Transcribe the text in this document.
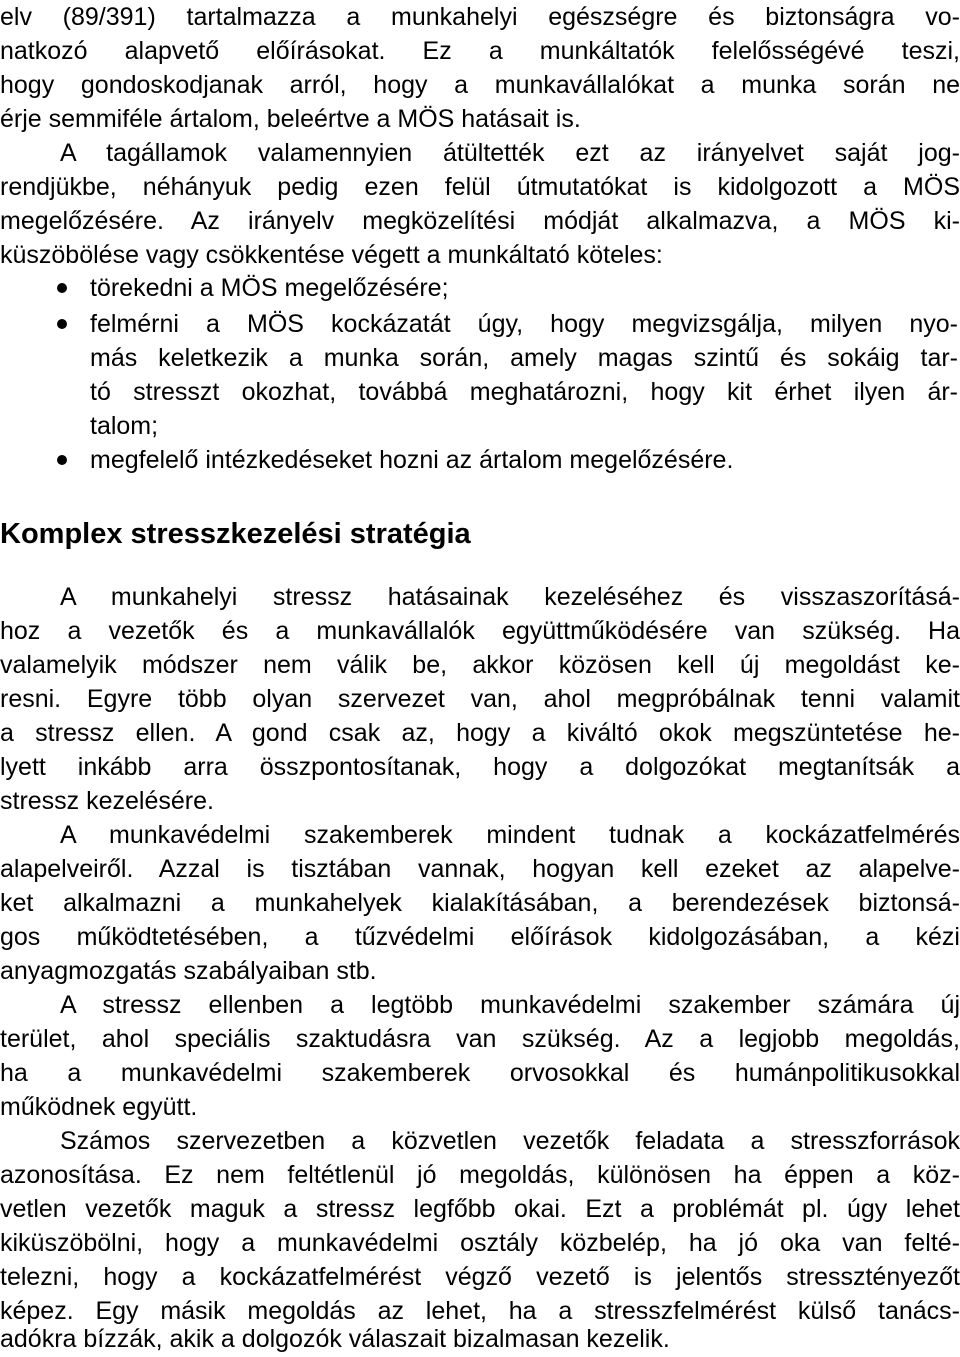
elv (89/391) tartalmazza a munkahelyi egészségre és biztonságra vo-
natkozó alapvető előírásokat. Ez a munkáltatók felelősségévé teszi,
hogy gondoskodjanak arról, hogy a munkavállalókat a munka során ne
érje semmiféle ártalom, beleértve a MÖS hatásait is.
A tagállamok valamennyien átültették ezt az irányelvet saját jog-
rendjükbe, néhányuk pedig ezen felül útmutatókat is kidolgozott a MÖS
megelőzésére. Az irányelv megközelítési módját alkalmazva, a MÖS ki-
küszöbölése vagy csökkentése végett a munkáltató köteles:
törekedni a MÖS megelőzésére;
felmérni a MÖS kockázatát úgy, hogy megvizsgálja, milyen nyo-
más keletkezik a munka során, amely magas szintű és sokáig tar-
tó stresszt okozhat, továbbá meghatározni, hogy kit érhet ilyen ár-
talom;
megfelelő intézkedéseket hozni az ártalom megelőzésére.
Komplex stresszkezelési stratégia
A munkahelyi stressz hatásainak kezeléséhez és visszaszorításá-
hoz a vezetők és a munkavállalók együttműködésére van szükség. Ha
valamelyik módszer nem válik be, akkor közösen kell új megoldást ke-
resni. Egyre több olyan szervezet van, ahol megpróbálnak tenni valamit
a stressz ellen. A gond csak az, hogy a kiváltó okok megszüntetése he-
lyett inkább arra összpontosítanak, hogy a dolgozókat megtanítsák a
stressz kezelésére.
A munkavédelmi szakemberek mindent tudnak a kockázatfelmérés
alapelveiről. Azzal is tisztában vannak, hogyan kell ezeket az alapelve-
ket alkalmazni a munkahelyek kialakításában, a berendezések biztonsá-
gos működtetésében, a tűzvédelmi előírások kidolgozásában, a kézi
anyagmozgatás szabályaiban stb.
A stressz ellenben a legtöbb munkavédelmi szakember számára új
terület, ahol speciális szaktudásra van szükség. Az a legjobb megoldás,
ha a munkavédelmi szakemberek orvosokkal és humánpolitikusokkal
működnek együtt.
Számos szervezetben a közvetlen vezetők feladata a stresszforrások
azonosítása. Ez nem feltétlenül jó megoldás, különösen ha éppen a köz-
vetlen vezetők maguk a stressz legfőbb okai. Ezt a problémát pl. úgy lehet
kiküszöbölni, hogy a munkavédelmi osztály közbelép, ha jó oka van felté-
telezni, hogy a kockázatfelmérést végző vezető is jelentős stressztényezőt
képez. Egy másik megoldás az lehet, ha a stresszfelmérést külső tanács-
adókra bízzák, akik a dolgozók válaszait bizalmasan kezelik.
